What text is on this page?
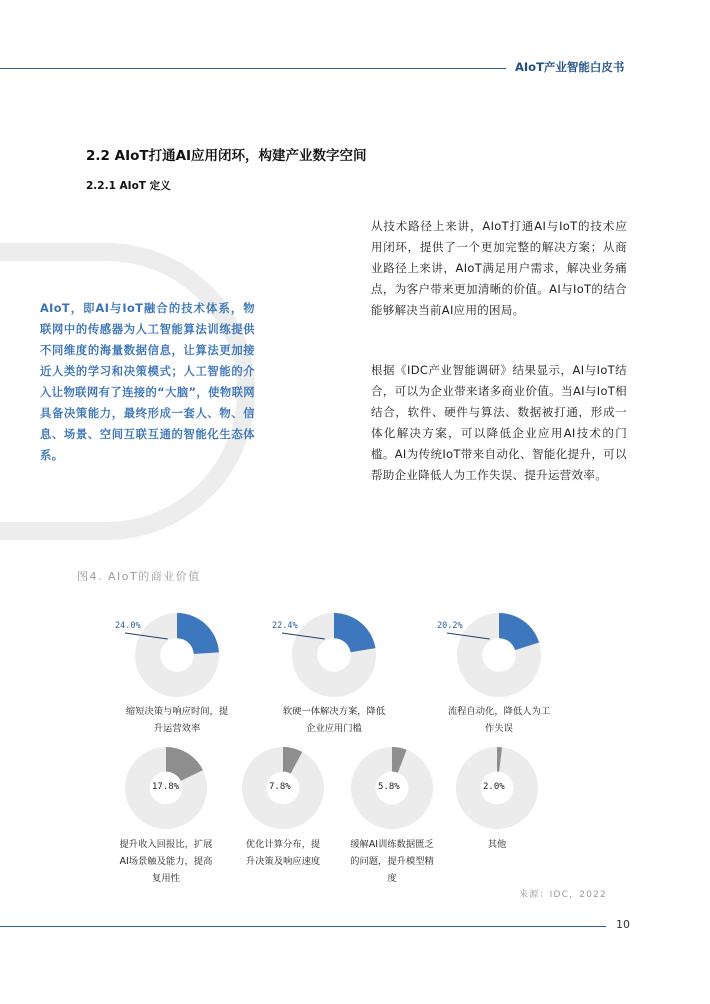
AIoT产业智能白皮书
2.2 AIoT打通AI应用闭环，构建产业数字空间
2.2.1 AIoT 定义
AIoT，即AI与IoT融合的技术体系，物联网中的传感器为人工智能算法训练提供不同维度的海量数据信息，让算法更加接近人类的学习和决策模式；人工智能的介入让物联网有了连接的“大脑”，使物联网具备决策能力，最终形成一套人、物、信息、场景、空间互联互通的智能化生态体系。
从技术路径上来讲，AIoT打通AI与IoT的技术应用闭环，提供了一个更加完整的解决方案；从商业路径上来讲，AIoT满足用户需求，解决业务痛点，为客户带来更加清晰的价值。AI与IoT的结合能够解决当前AI应用的困局。
根据《IDC产业智能调研》结果显示，AI与IoT结合，可以为企业带来诸多商业价值。当AI与IoT相结合，软件、硬件与算法、数据被打通，形成一体化解决方案，可以降低企业应用AI技术的门槛。AI为传统IoT带来自动化、智能化提升，可以帮助企业降低人为工作失误、提升运营效率。
图4. AIoT的商业价值
24.0%
缩短决策与响应时间，提升运营效率
22.4%
软硬一体解决方案，降低企业应用门槛
20.2%
流程自动化，降低人为工作失误
17.8%
提升收入回报比，扩展AI场景触及能力，提高复用性
7.8%
优化计算分布，提升决策及响应速度
5.8%
缓解AI训练数据匮乏的问题，提升模型精度
2.0%
其他
来源：IDC，2022
10
